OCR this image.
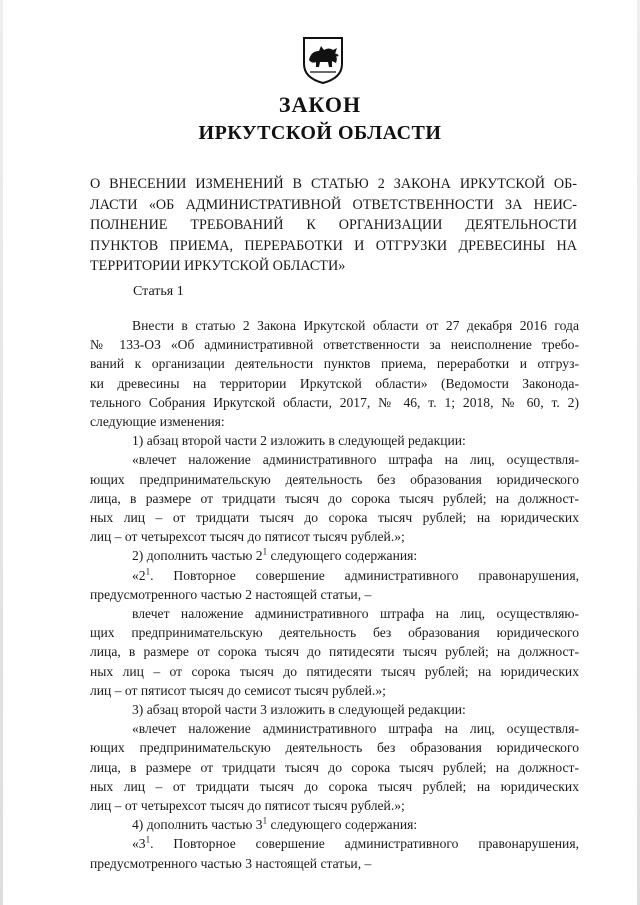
ЗАКОН
ИРКУТСКОЙ ОБЛАСТИ
О ВНЕСЕНИИ ИЗМЕНЕНИЙ В СТАТЬЮ 2 ЗАКОНА ИРКУТСКОЙ ОБ-
ЛАСТИ «ОБ АДМИНИСТРАТИВНОЙ ОТВЕТСТВЕННОСТИ ЗА НЕИС-
ПОЛНЕНИЕ ТРЕБОВАНИЙ К ОРГАНИЗАЦИИ ДЕЯТЕЛЬНОСТИ
ПУНКТОВ ПРИЕМА, ПЕРЕРАБОТКИ И ОТГРУЗКИ ДРЕВЕСИНЫ НА
ТЕРРИТОРИИ ИРКУТСКОЙ ОБЛАСТИ»
Статья 1
Внести в статью 2 Закона Иркутской области от 27 декабря 2016 года
№ 133-ОЗ «Об административной ответственности за неисполнение требо-
ваний к организации деятельности пунктов приема, переработки и отгруз-
ки древесины на территории Иркутской области» (Ведомости Законода-
тельного Собрания Иркутской области, 2017, № 46, т. 1; 2018, № 60, т. 2)
следующие изменения:
1) абзац второй части 2 изложить в следующей редакции:
«влечет наложение административного штрафа на лиц, осуществля-
ющих предпринимательскую деятельность без образования юридического
лица, в размере от тридцати тысяч до сорока тысяч рублей; на должност-
ных лиц – от тридцати тысяч до сорока тысяч рублей; на юридических
лиц – от четырехсот тысяч до пятисот тысяч рублей.»;
2) дополнить частью $2^1$ следующего содержания:
«$2^1$. Повторное совершение административного правонарушения,
предусмотренного частью 2 настоящей статьи, –
влечет наложение административного штрафа на лиц, осуществляю-
щих предпринимательскую деятельность без образования юридического
лица, в размере от сорока тысяч до пятидесяти тысяч рублей; на должност-
ных лиц – от сорока тысяч до пятидесяти тысяч рублей; на юридических
лиц – от пятисот тысяч до семисот тысяч рублей.»;
3) абзац второй части 3 изложить в следующей редакции:
«влечет наложение административного штрафа на лиц, осуществля-
ющих предпринимательскую деятельность без образования юридического
лица, в размере от тридцати тысяч до сорока тысяч рублей; на должност-
ных лиц – от тридцати тысяч до сорока тысяч рублей; на юридических
лиц – от четырехсот тысяч до пятисот тысяч рублей.»;
4) дополнить частью $3^1$ следующего содержания:
«$3^1$. Повторное совершение административного правонарушения,
предусмотренного частью 3 настоящей статьи, –
